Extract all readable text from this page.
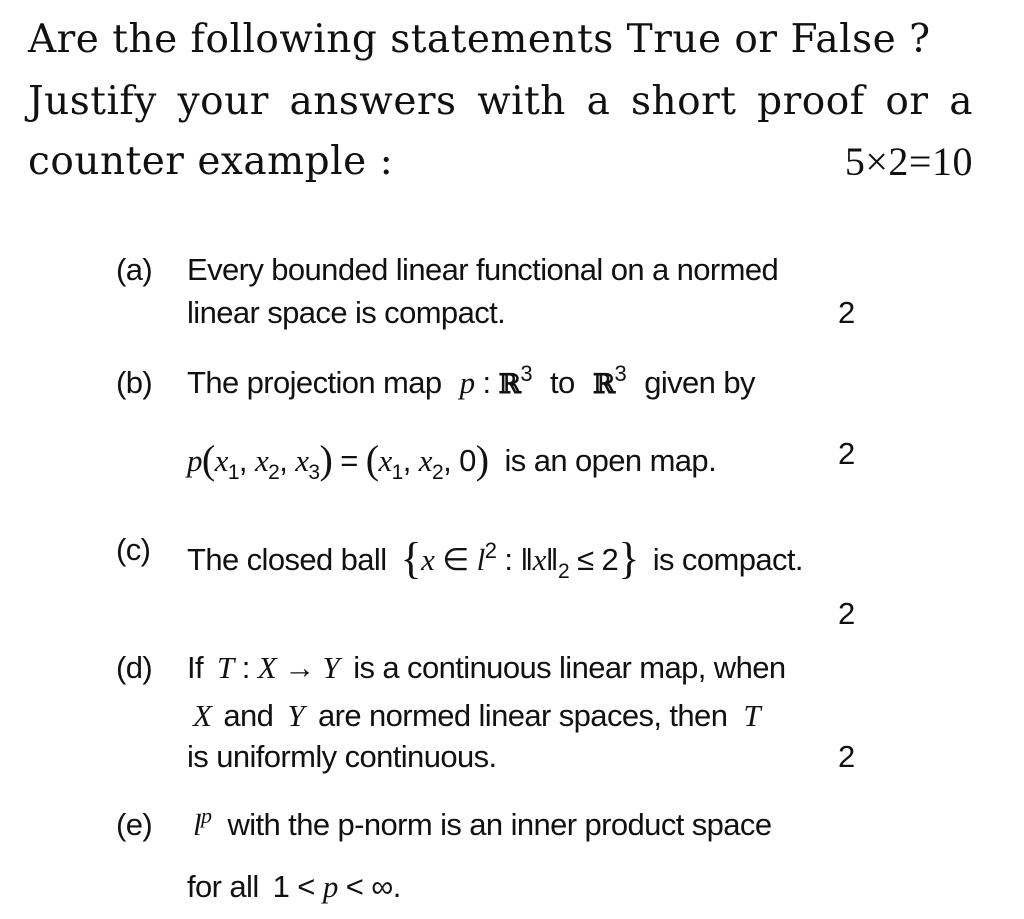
Are the following statements True or False ?
Justify your answers with a short proof or a
counter example :	5×2=10
(a) Every bounded linear functional on a normed
linear space is compact.	2
(b) The projection map p : ℝ$^3$ to ℝ$^3$ given by
$p(x_1$, $x_2$, $x_3) = (x_1$, $x_2$, 0) is an open map.	2
(c) The closed ball {x ∈ $l^2$ : $‖x‖_2 \le 2$} is compact.
2
(d) If T : X → Y is a continuous linear map, when
X and Y are normed linear spaces, then T
is uniformly continuous.	2
(e) $l^p$ with the p-norm is an inner product space
for all 1 < p < ∞.
